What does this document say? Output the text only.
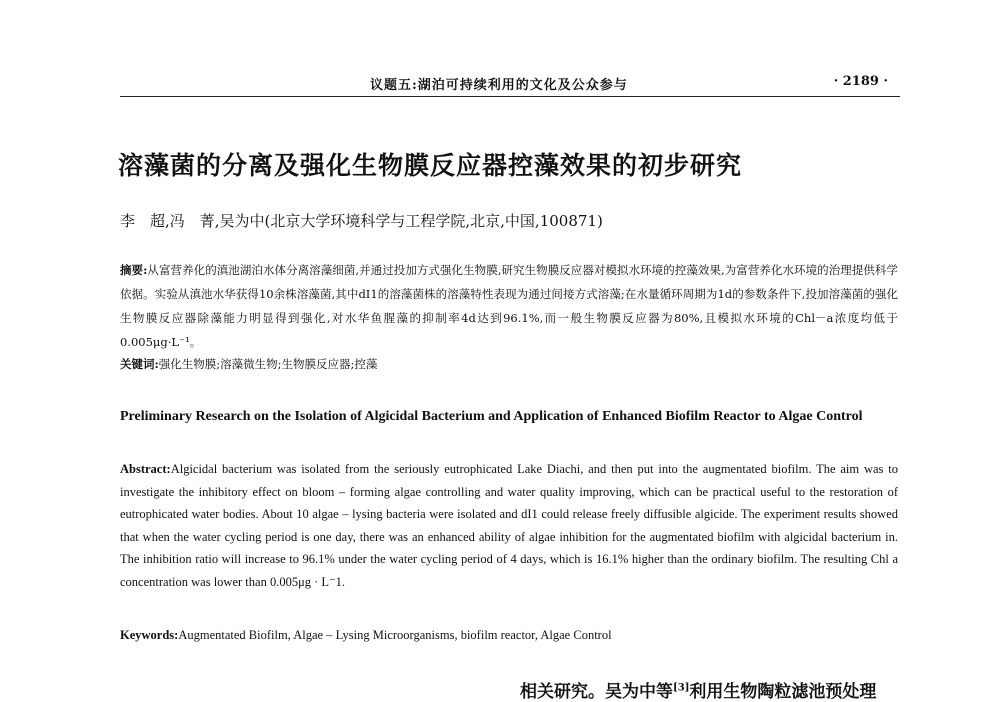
议题五:湖泊可持续利用的文化及公众参与	· 2189 ·
溶藻菌的分离及强化生物膜反应器控藻效果的初步研究
李　超,冯　菁,吴为中(北京大学环境科学与工程学院,北京,中国,100871)
摘要:从富营养化的滇池湖泊水体分离溶藻细菌,并通过投加方式强化生物膜,研究生物膜反应器对模拟水环境的控藻效果,为富营养化水环境的治理提供科学依据。实验从滇池水华获得10余株溶藻菌,其中dI1的溶藻菌株的溶藻特性表现为通过间接方式溶藻;在水量循环周期为1d的参数条件下,投加溶藻菌的强化生物膜反应器除藻能力明显得到强化,对水华鱼腥藻的抑制率4d达到96.1%,而一般生物膜反应器为80%,且模拟水环境的Chl－a浓度均低于0.005μg·L⁻¹。
关键词:强化生物膜;溶藻微生物;生物膜反应器;控藻
Preliminary Research on the Isolation of Algicidal Bacterium and Application of Enhanced Biofilm Reactor to Algae Control
Abstract:Algicidal bacterium was isolated from the seriously eutrophicated Lake Diachi, and then put into the augmentated biofilm. The aim was to investigate the inhibitory effect on bloom – forming algae controlling and water quality improving, which can be practical useful to the restoration of eutrophicated water bodies. About 10 algae – lysing bacteria were isolated and dI1 could release freely diffusible algicide. The experiment results showed that when the water cycling period is one day, there was an enhanced ability of algae inhibition for the augmentated biofilm with algicidal bacterium in. The inhibition ratio will increase to 96.1% under the water cycling period of 4 days, which is 16.1% higher than the ordinary biofilm. The resulting Chl a concentration was lower than 0.005μg · L⁻1.
Keywords:Augmentated Biofilm, Algae – Lysing Microorganisms, biofilm reactor, Algae Control
相关研究。吴为中等[3]利用生物陶粒滤池预处理
